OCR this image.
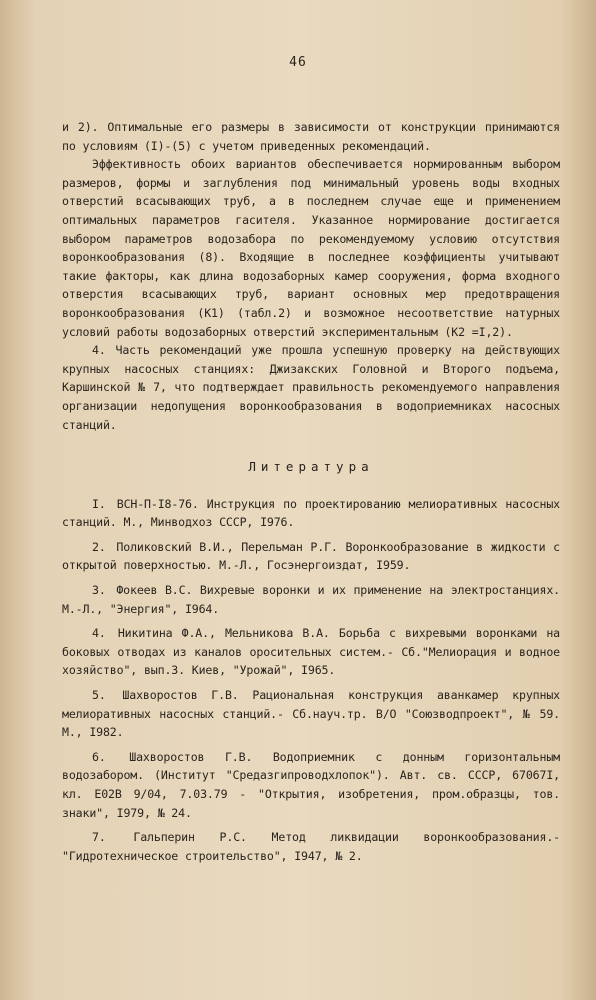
46

и 2). Оптимальные его размеры в зависимости от конструкции принимаются по условиям (I)-(5) с учетом приведенных рекомендаций.

Эффективность обоих вариантов обеспечивается нормированным выбором размеров, формы и заглубления под минимальный уровень воды входных отверстий всасывающих труб, а в последнем случае еще и применением оптимальных параметров гасителя. Указанное нормирование достигается выбором параметров водозабора по рекомендуемому условию отсутствия воронкообразования (8). Входящие в последнее коэффициенты учитывают такие факторы, как длина водозаборных камер сооружения, форма входного отверстия всасывающих труб, вариант основных мер предотвращения воронкообразования (K1) (табл.2) и возможное несоответствие натурных условий работы водозаборных отверстий экспериментальным (K2 =I,2).

4. Часть рекомендаций уже прошла успешную проверку на действующих крупных насосных станциях: Джизакских Головной и Второго подъема, Каршинской № 7, что подтверждает правильность рекомендуемого направления организации недопущения воронкообразования в водоприемниках насосных станций.

Литература
I. ВСН-П-I8-76. Инструкция по проектированию мелиоративных насосных станций. М., Минводхоз СССР, I976.
2. Поликовский В.И., Перельман Р.Г. Воронкообразование в жидкости с открытой поверхностью. М.-Л., Госэнергоиздат, I959.
3. Фокеев В.С. Вихревые воронки и их применение на электростанциях. М.-Л., "Энергия", I964.
4. Никитина Ф.А., Мельникова В.А. Борьба с вихревыми воронками на боковых отводах из каналов оросительных систем.- Сб."Мелиорация и водное хозяйство", вып.3. Киев, "Урожай", I965.
5. Шахворостов Г.В. Рациональная конструкция аванкамер крупных мелиоративных насосных станций.- Сб.науч.тр. В/О "Союзводпроект", № 59. М., I982.
6. Шахворостов Г.В. Водоприемник с донным горизонтальным водозабором. (Институт "Средазгипроводхлопок"). Авт. св. СССР, 67067I, кл. Е02В 9/04, 7.03.79 - "Открытия, изобретения, пром.образцы, тов. знаки", I979, № 24.
7. Гальперин Р.С. Метод ликвидации воронкообразования.- "Гидротехническое строительство", I947, № 2.
